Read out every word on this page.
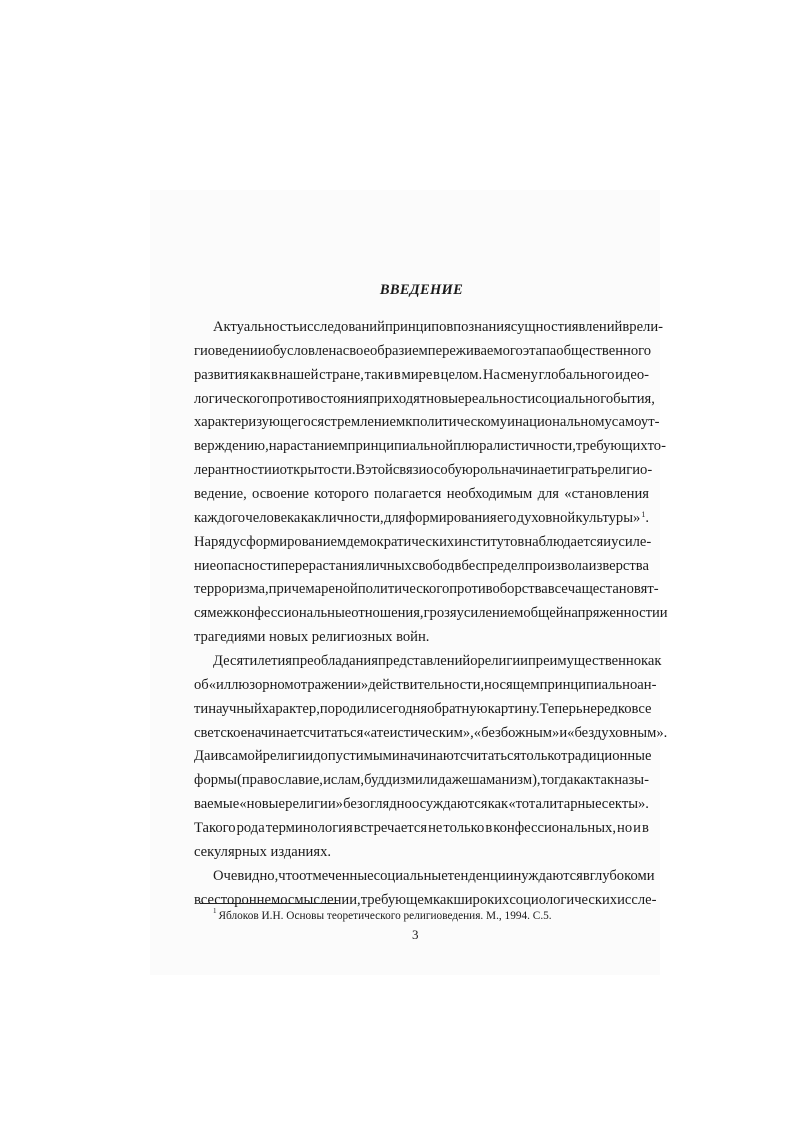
ВВЕДЕНИЕ
Актуальность исследований принципов познания сущности явлений в рели-
гиоведении обусловлена своеобразием переживаемого этапа общественного
развития как в нашей стране, так и в мире в целом. На смену глобального идео-
логического противостояния приходят новые реальности социального бытия,
характеризующегося стремлением к политическому и национальному самоут-
верждению, нарастанием принципиальной плюралистичности, требующих то-
лерантности и открытости. В этой связи особую роль начинает играть религио-
ведение, освоение которого полагается необходимым для «становления
каждого человека как личности, для формирования его духовной культуры» $^1$.
Наряду с формированием демократических институтов наблюдается и усиле-
ние опасности перерастания личных свобод в беспредел произвола и зверства
терроризма, причем ареной политического противоборства все чаще становят-
ся межконфессиональные отношения, грозя усилением общей напряженности и
трагедиями новых религиозных войн.
Десятилетия преобладания представлений о религии преимущественно как
об «иллюзорном отражении» действительности, носящем принципиально ан-
тинаучный характер, породили сегодня обратную картину. Теперь нередко все
светское начинает считаться «атеистическим», «безбожным» и «бездуховным».
Да и в самой религии допустимыми начинают считаться только традиционные
формы (православие, ислам, буддизм или даже шаманизм), тогда как так назы-
ваемые «новые религии» безоглядно осуждаются как «тоталитарные секты».
Такого рода терминология встречается не только в конфессиональных, но и в
секулярных изданиях.
Очевидно, что отмеченные социальные тенденции нуждаются в глубоком и
всестороннем осмыслении, требующем как широких социологических иссле-
$^1$ Яблоков И.Н. Основы теоретического религиоведения. М., 1994. С.5.
3
